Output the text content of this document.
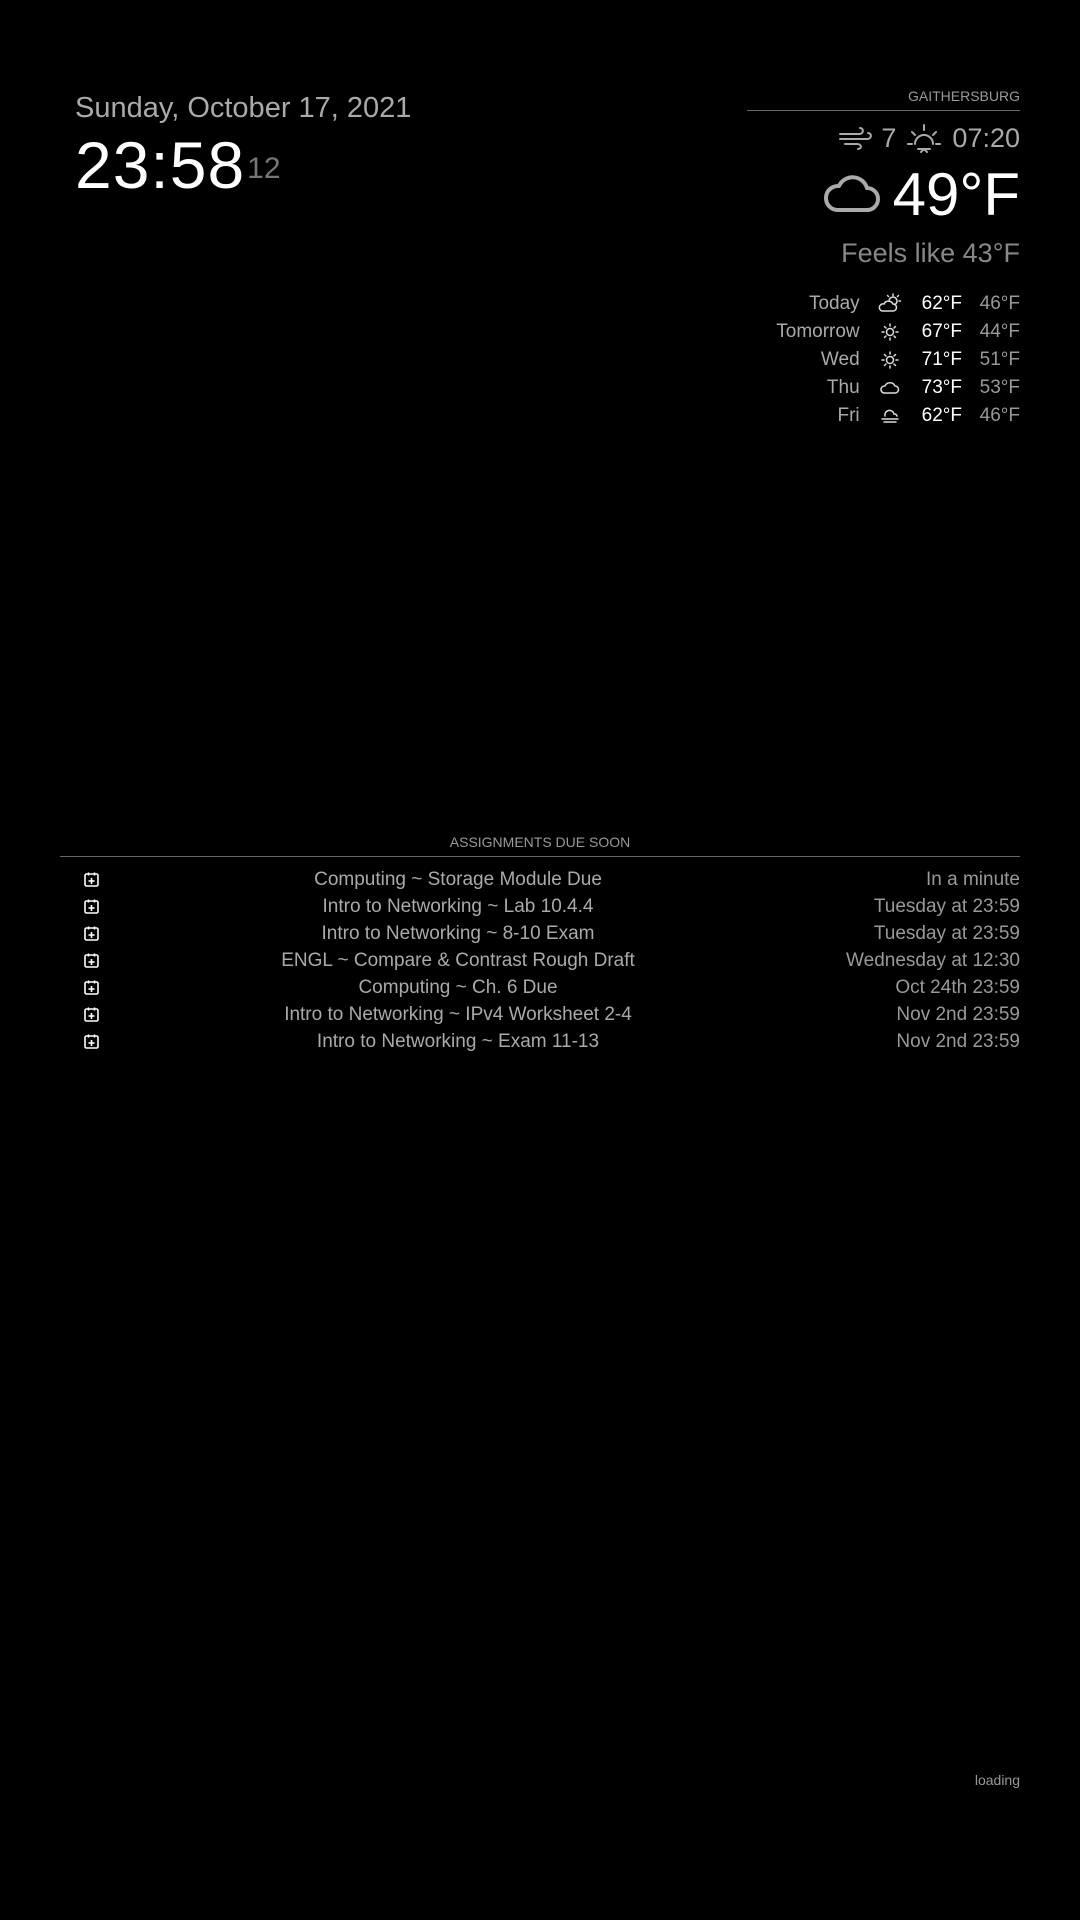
Sunday, October 17, 2021
23:5812
GAITHERSBURG
7 07:20
49°F
Feels like 43°F
Today		62°F	46°F
Tomorrow		67°F	44°F
Wed		71°F	51°F
Thu		73°F	53°F
Fri		62°F	46°F
ASSIGNMENTS DUE SOON
Computing ~ Storage Module Due	In a minute
Intro to Networking ~ Lab 10.4.4	Tuesday at 23:59
Intro to Networking ~ 8-10 Exam	Tuesday at 23:59
ENGL ~ Compare & Contrast Rough Draft	Wednesday at 12:30
Computing ~ Ch. 6 Due	Oct 24th 23:59
Intro to Networking ~ IPv4 Worksheet 2-4	Nov 2nd 23:59
Intro to Networking ~ Exam 11-13	Nov 2nd 23:59
loading
